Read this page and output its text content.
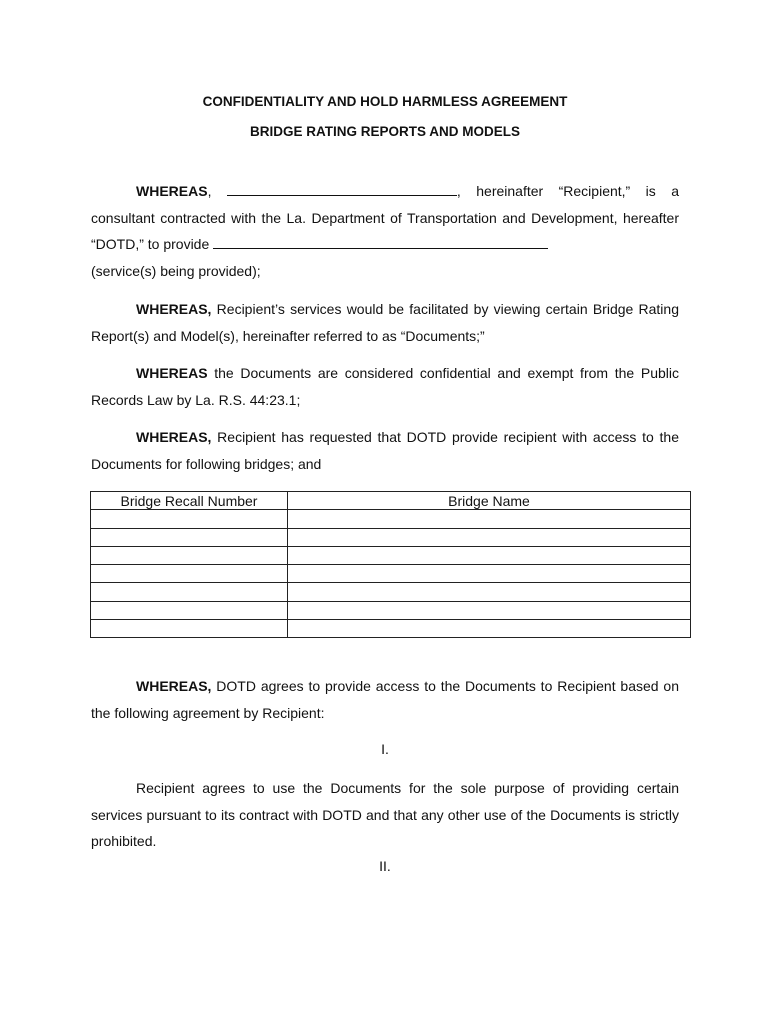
CONFIDENTIALITY AND HOLD HARMLESS AGREEMENT
BRIDGE RATING REPORTS AND MODELS
WHEREAS,	, hereinafter “Recipient,” is a consultant contracted with the La. Department of Transportation and Development, hereafter “DOTD,” to provide
(service(s) being provided);
WHEREAS, Recipient’s services would be facilitated by viewing certain Bridge Rating Report(s) and Model(s), hereinafter referred to as “Documents;”
WHEREAS the Documents are considered confidential and exempt from the Public Records Law by La. R.S. 44:23.1;
WHEREAS, Recipient has requested that DOTD provide recipient with access to the Documents for following bridges; and
Bridge Recall Number	Bridge Name

WHEREAS, DOTD agrees to provide access to the Documents to Recipient based on the following agreement by Recipient:
I.
Recipient agrees to use the Documents for the sole purpose of providing certain services pursuant to its contract with DOTD and that any other use of the Documents is strictly prohibited.
II.
